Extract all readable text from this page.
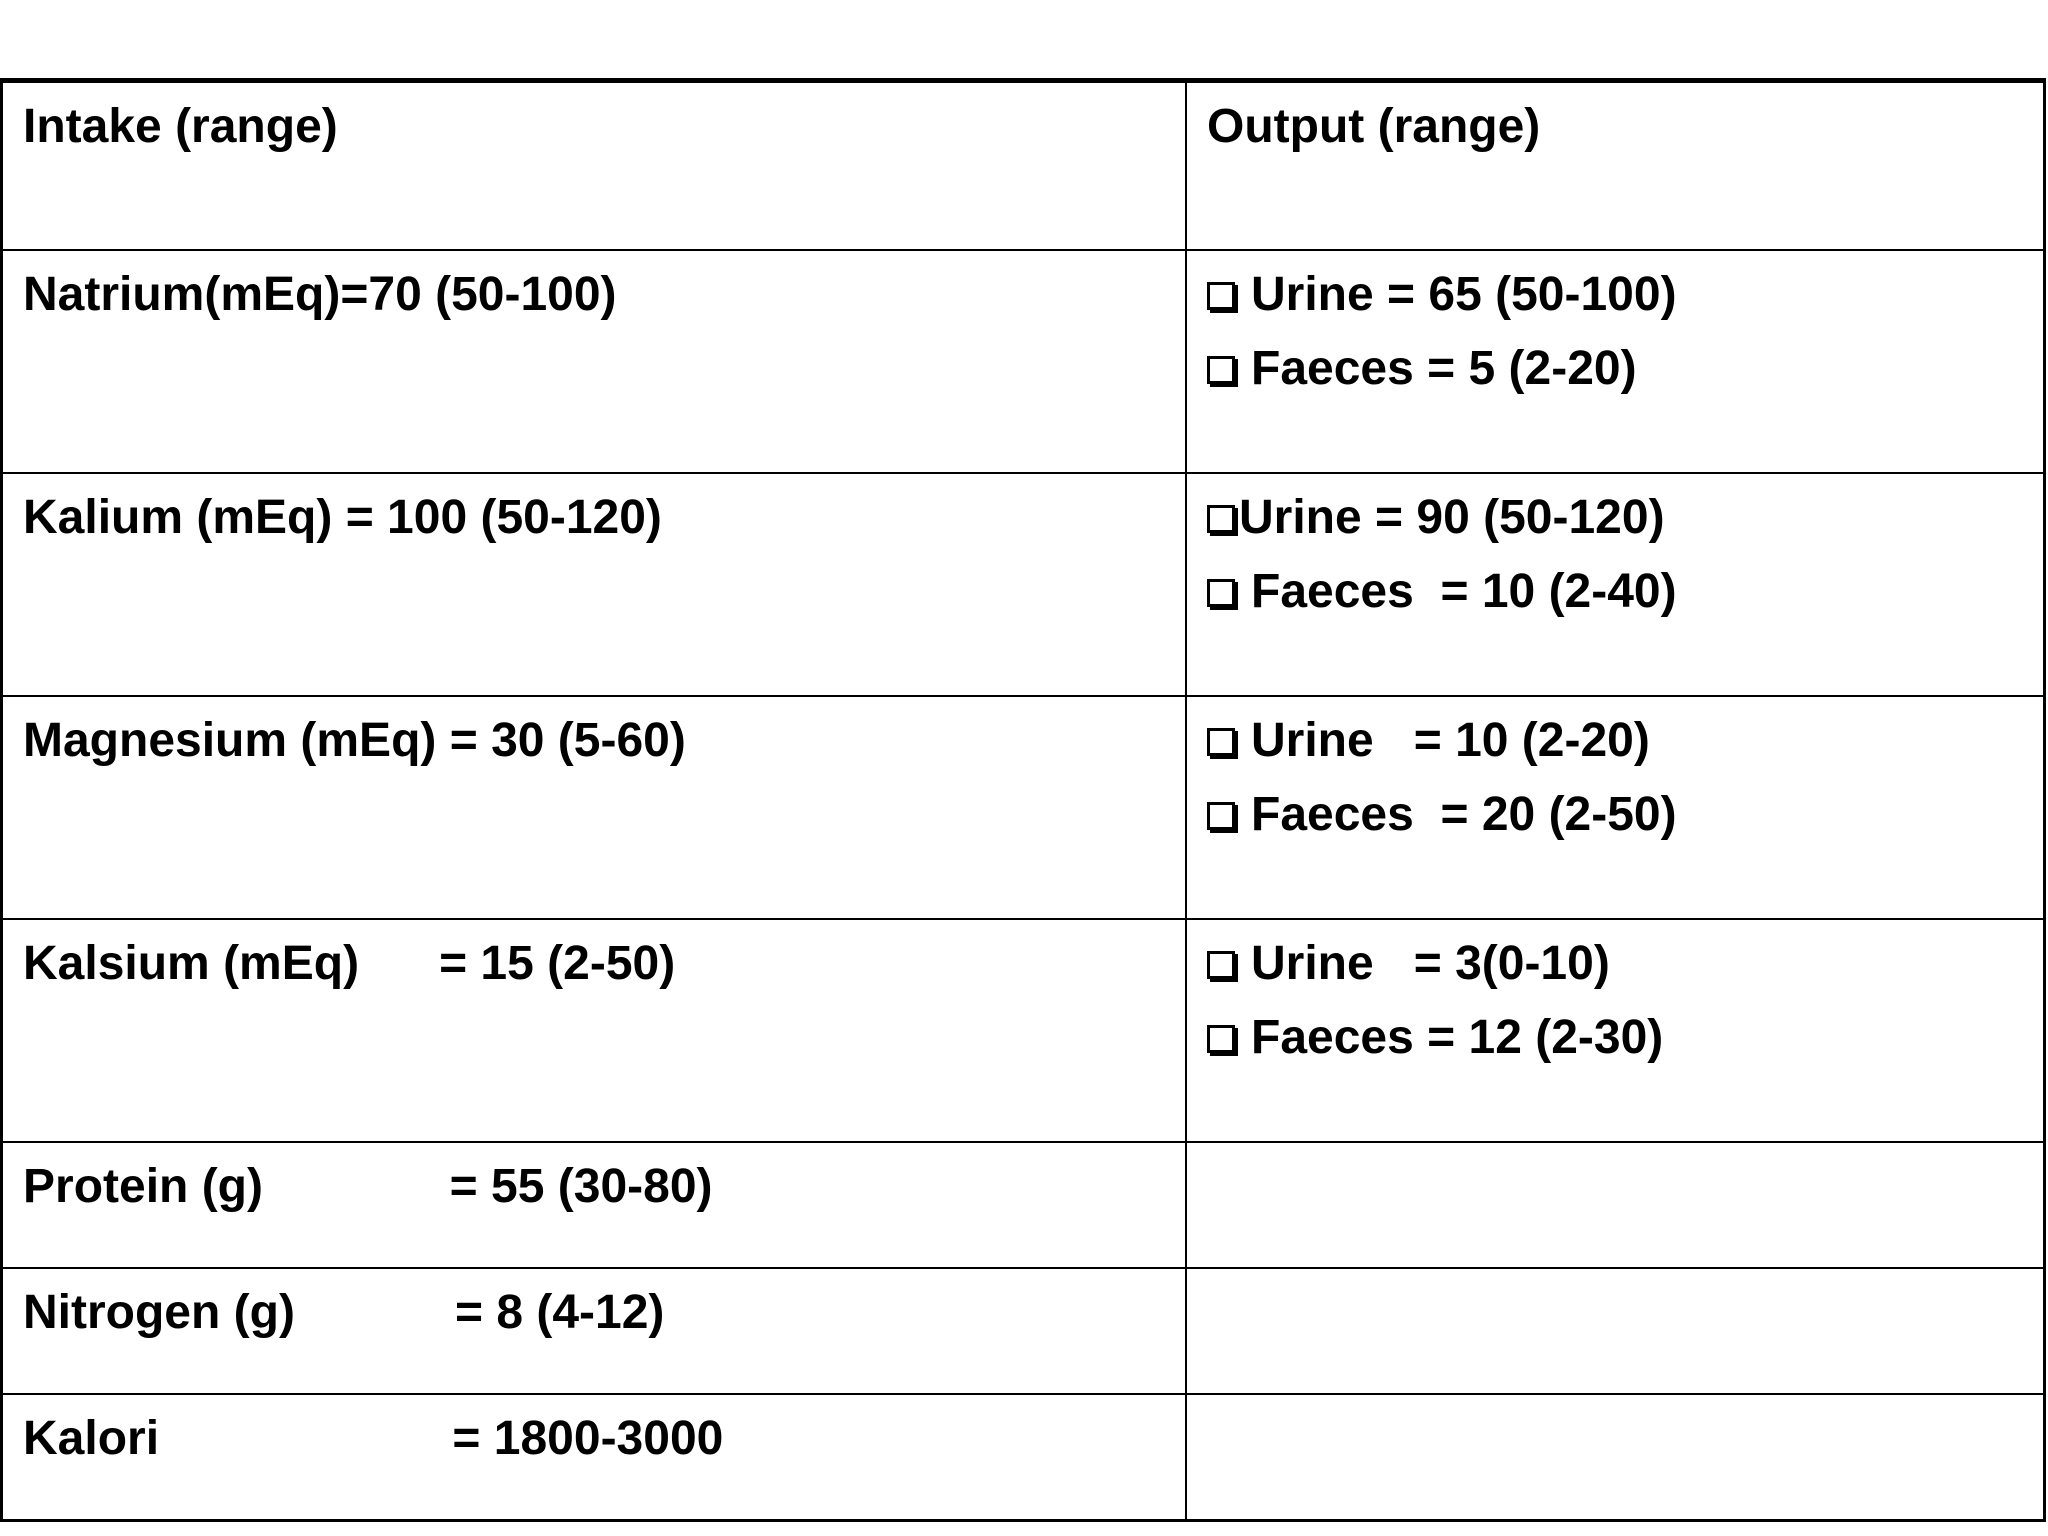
Intake (range)	Output (range)

Natrium(mEq)=70 (50-100)	Urine = 65 (50-100)
Faeces = 5 (2-20)

Kalium (mEq) = 100 (50-120)	Urine = 90 (50-120)
Faeces  = 10 (2-40)

Magnesium (mEq) = 30 (5-60)	Urine   = 10 (2-20)
Faeces  = 20 (2-50)

Kalsium (mEq)      = 15 (2-50)	Urine   = 3(0-10)
Faeces = 12 (2-30)

Protein (g)              = 55 (30-80)	

Nitrogen (g)            = 8 (4-12)	

Kalori                      = 1800-3000	
